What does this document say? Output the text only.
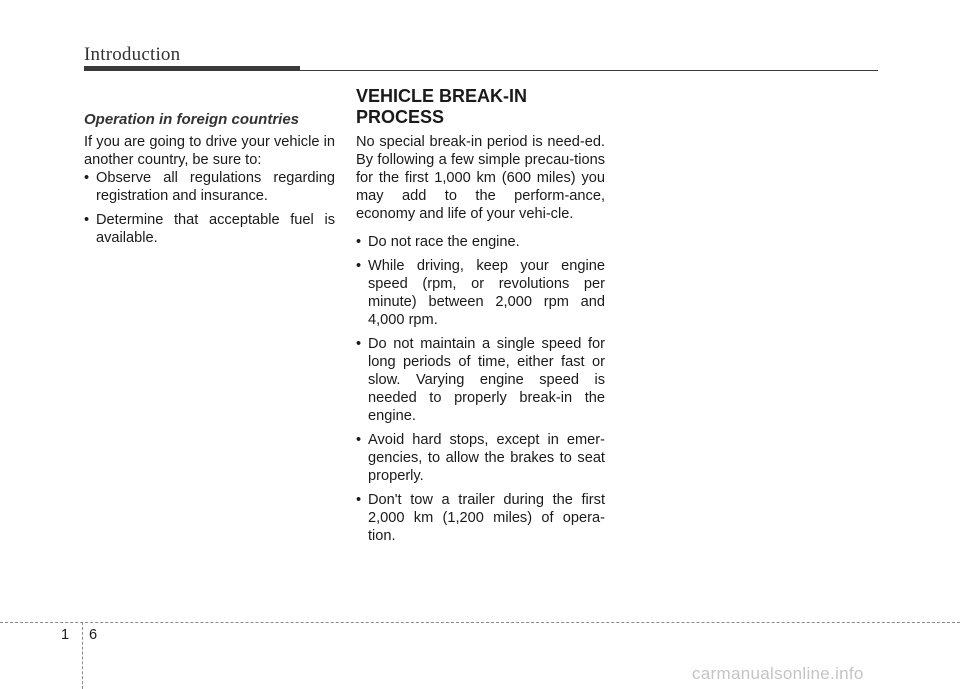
Introduction
Operation in foreign countries
If you are going to drive your vehicle in another country, be sure to:
• Observe all regulations regarding registration and insurance.
• Determine that acceptable fuel is available.
VEHICLE BREAK-IN PROCESS
No special break-in period is need-ed. By following a few simple precau-tions for the first 1,000 km (600 miles) you may add to the perform-ance, economy and life of your vehi-cle.
• Do not race the engine.
• While driving, keep your engine speed (rpm, or revolutions per minute) between 2,000 rpm and 4,000 rpm.
• Do not maintain a single speed for long periods of time, either fast or slow. Varying engine speed is needed to properly break-in the engine.
• Avoid hard stops, except in emer-gencies, to allow the brakes to seat properly.
• Don't tow a trailer during the first 2,000 km (1,200 miles) of opera-tion.
1 6
carmanualsonline.info
